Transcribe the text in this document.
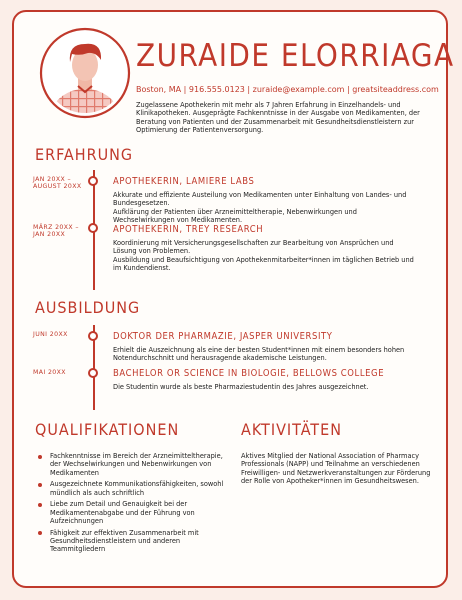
ZURAIDE ELORRIAGA
Boston, MA | 916.555.0123 | zuraide@example.com | greatsiteaddress.com
Zugelassene Apothekerin mit mehr als 7 Jahren Erfahrung in Einzelhandels- und Klinikapotheken. Ausgeprägte Fachkenntnisse in der Ausgabe von Medikamenten, der Beratung von Patienten und der Zusammenarbeit mit Gesundheitsdienstleistern zur Optimierung der Patientenversorgung.
ERFAHRUNG
JAN 20XX – AUGUST 20XX	APOTHEKERIN, LAMIERE LABS
Akkurate und effiziente Austeilung von Medikamenten unter Einhaltung von Landes- und Bundesgesetzen.
Aufklärung der Patienten über Arzneimitteltherapie, Nebenwirkungen und Wechselwirkungen von Medikamenten.
MÄRZ 20XX – JAN 20XX	APOTHEKERIN, TREY RESEARCH
Koordinierung mit Versicherungsgesellschaften zur Bearbeitung von Ansprüchen und Lösung von Problemen.
Ausbildung und Beaufsichtigung von Apothekenmitarbeiter*innen im täglichen Betrieb und im Kundendienst.
AUSBILDUNG
JUNI 20XX	DOKTOR DER PHARMAZIE, JASPER UNIVERSITY
Erhielt die Auszeichnung als eine der besten Student*innen mit einem besonders hohen Notendurchschnitt und herausragende akademische Leistungen.
MAI 20XX	BACHELOR OR SCIENCE IN BIOLOGIE, BELLOWS COLLEGE
Die Studentin wurde als beste Pharmaziestudentin des Jahres ausgezeichnet.
QUALIFIKATIONEN
Fachkenntnisse im Bereich der Arzneimitteltherapie, der Wechselwirkungen und Nebenwirkungen von Medikamenten
Ausgezeichnete Kommunikationsfähigkeiten, sowohl mündlich als auch schriftlich
Liebe zum Detail und Genauigkeit bei der Medikamentenabgabe und der Führung von Aufzeichnungen
Fähigkeit zur effektiven Zusammenarbeit mit Gesundheitsdienstleistern und anderen Teammitgliedern
AKTIVITÄTEN
Aktives Mitglied der National Association of Pharmacy Professionals (NAPP) und Teilnahme an verschiedenen Freiwilligen- und Netzwerkveranstaltungen zur Förderung der Rolle von Apotheker*innen im Gesundheitswesen.
